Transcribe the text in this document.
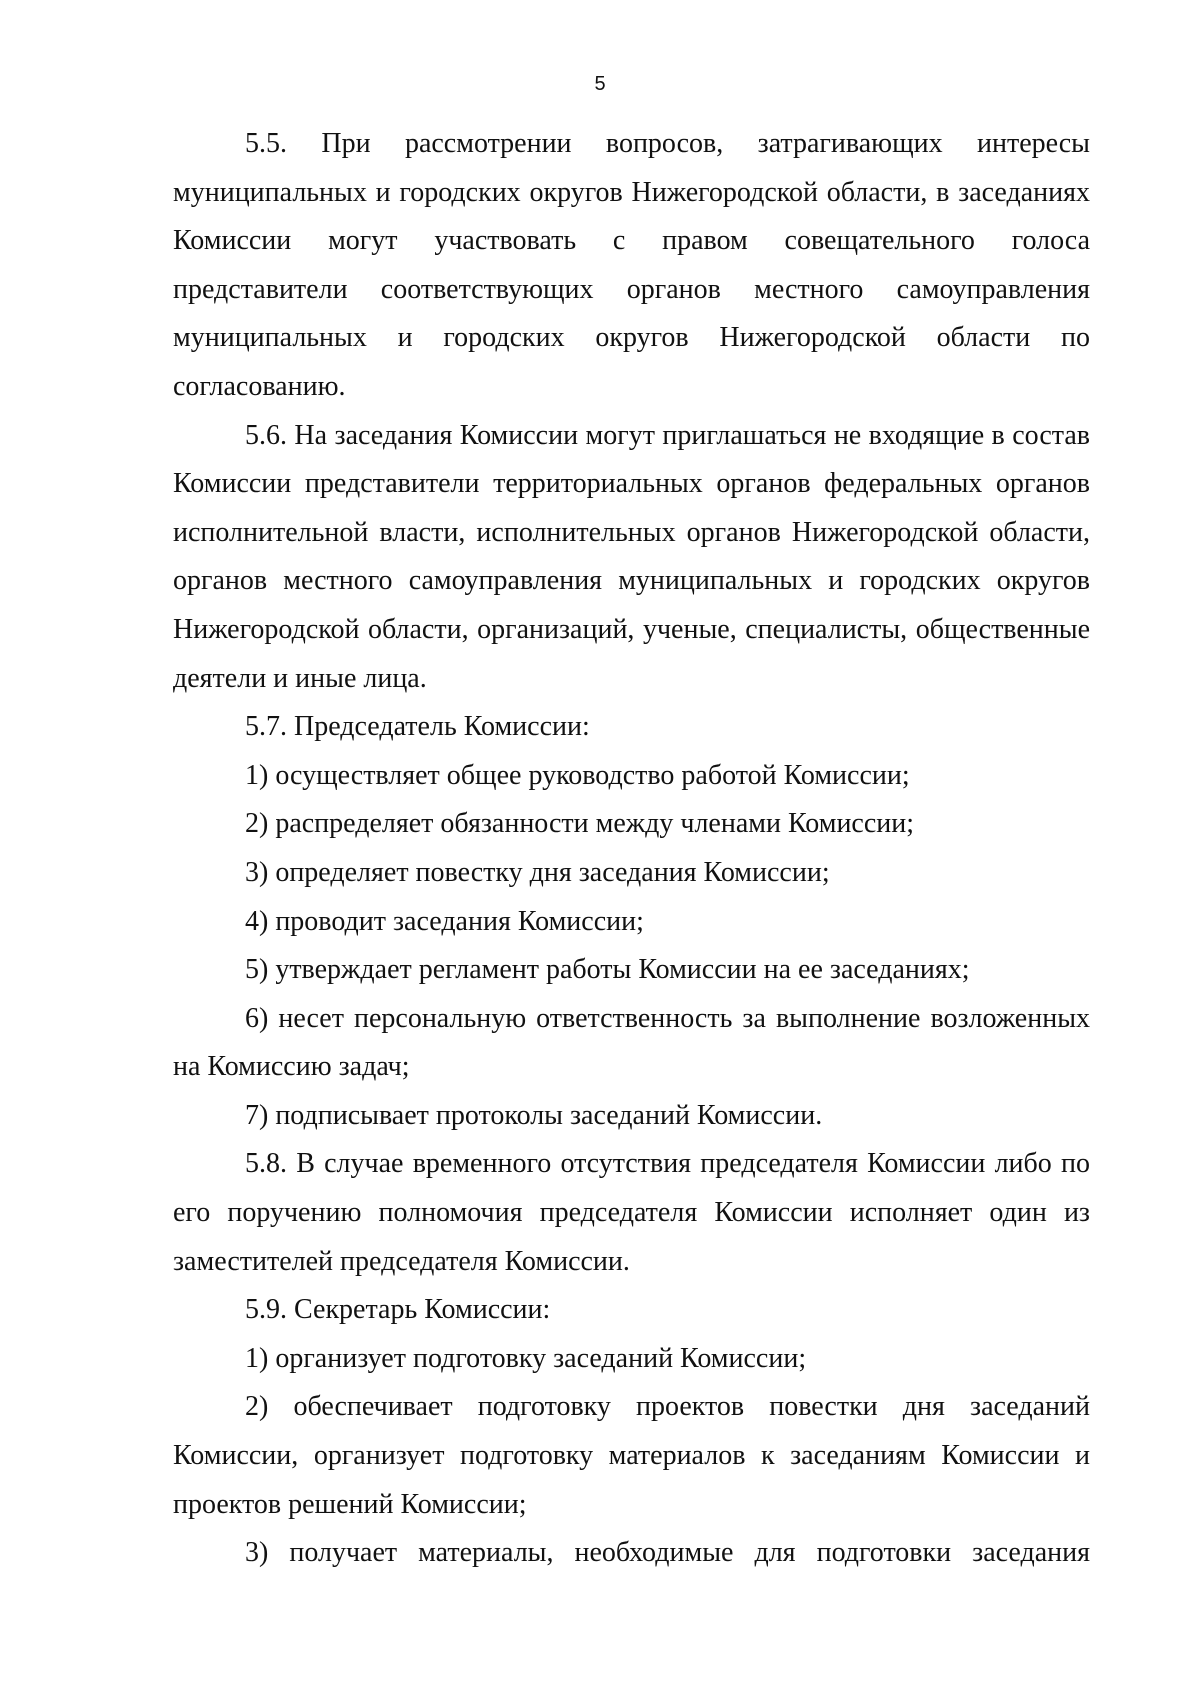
5

5.5. При рассмотрении вопросов, затрагивающих интересы муниципальных и городских округов Нижегородской области, в заседаниях Комиссии могут участвовать с правом совещательного голоса представители соответствующих органов местного самоуправления муниципальных и городских округов Нижегородской области по согласованию.

5.6. На заседания Комиссии могут приглашаться не входящие в состав Комиссии представители территориальных органов федеральных органов исполнительной власти, исполнительных органов Нижегородской области, органов местного самоуправления муниципальных и городских округов Нижегородской области, организаций, ученые, специалисты, общественные деятели и иные лица.

5.7. Председатель Комиссии:

1) осуществляет общее руководство работой Комиссии;

2) распределяет обязанности между членами Комиссии;

3) определяет повестку дня заседания Комиссии;

4) проводит заседания Комиссии;

5) утверждает регламент работы Комиссии на ее заседаниях;

6) несет персональную ответственность за выполнение возложенных на Комиссию задач;

7) подписывает протоколы заседаний Комиссии.

5.8. В случае временного отсутствия председателя Комиссии либо по его поручению полномочия председателя Комиссии исполняет один из заместителей председателя Комиссии.

5.9. Секретарь Комиссии:

1) организует подготовку заседаний Комиссии;

2) обеспечивает подготовку проектов повестки дня заседаний Комиссии, организует подготовку материалов к заседаниям Комиссии и проектов решений Комиссии;

3) получает материалы, необходимые для подготовки заседания
